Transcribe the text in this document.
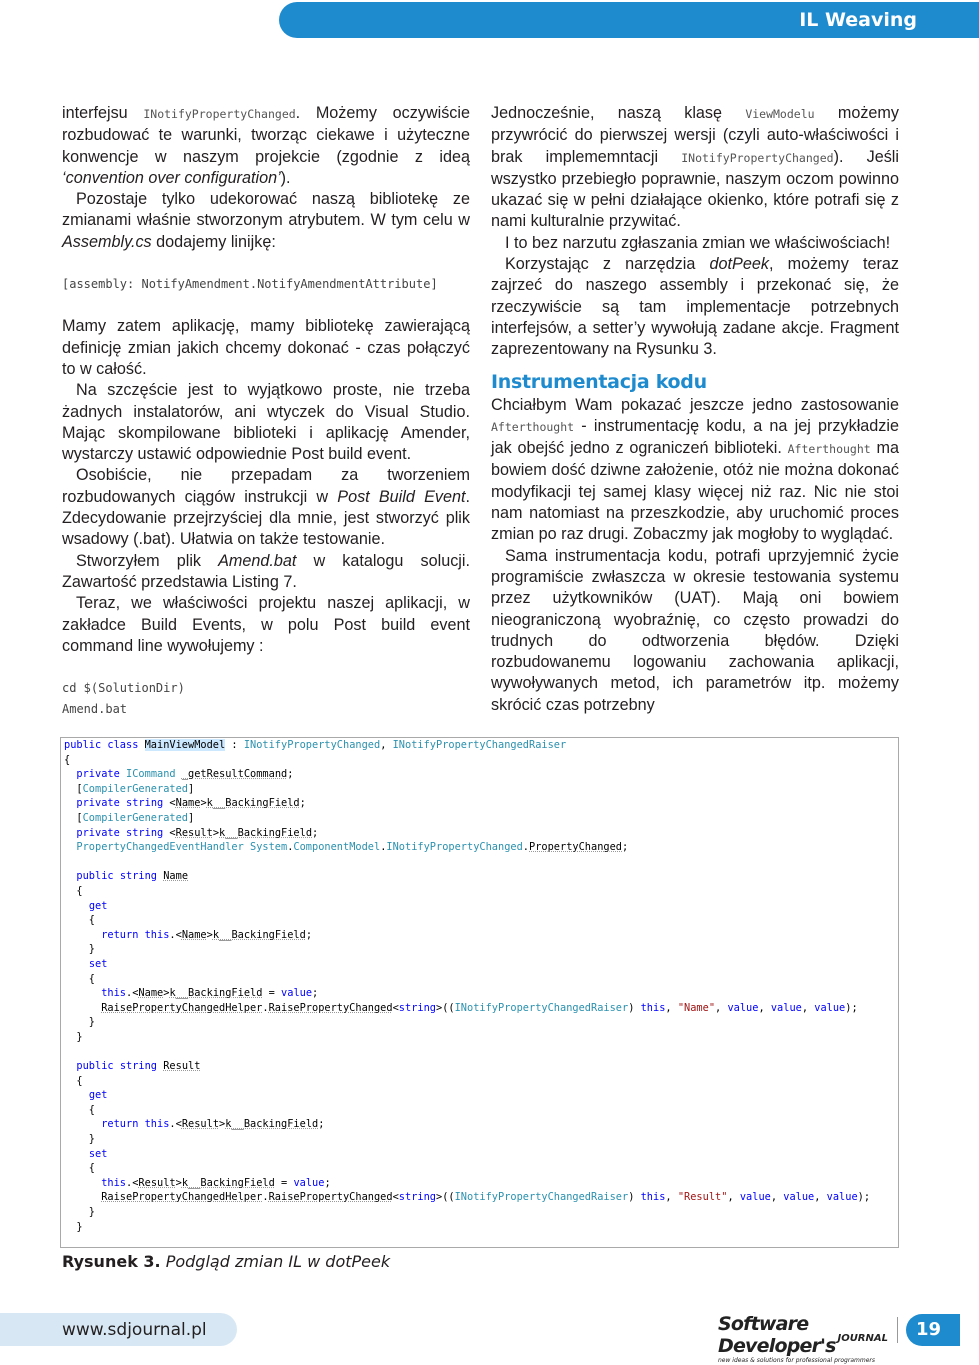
IL Weaving

interfejsu INotifyPropertyChanged. Możemy oczywiście rozbudować te warunki, tworząc ciekawe i użyteczne konwencje w naszym projekcie (zgodnie z ideą ‘convention over configuration’).

Pozostaje tylko udekorować naszą bibliotekę ze zmianami właśnie stworzonym atrybutem. W tym celu w Assembly.cs dodajemy linijkę:

[assembly: NotifyAmendment.NotifyAmendmentAttribute]

Mamy zatem aplikację, mamy bibliotekę zawierającą definicję zmian jakich chcemy dokonać - czas połączyć to w całość.

Na szczęście jest to wyjątkowo proste, nie trzeba żadnych instalatorów, ani wtyczek do Visual Studio. Mając skompilowane biblioteki i aplikację Amender, wystarczy ustawić odpowiednie Post build event.

Osobiście, nie przepadam za tworzeniem rozbudowanych ciągów instrukcji w Post Build Event. Zdecydowanie przejrzyściej dla mnie, jest stworzyć plik wsadowy (.bat). Ułatwia on także testowanie.

Stworzyłem plik Amend.bat w katalogu solucji. Zawartość przedstawia Listing 7.

Teraz, we właściwości projektu naszej aplikacji, w zakładce Build Events, w polu Post build event command line wywołujemy :

cd $(SolutionDir)
Amend.bat

Jednocześnie, naszą klasę ViewModelu możemy przywrócić do pierwszej wersji (czyli auto-właściwości i brak implememntacji INotifyPropertyChanged). Jeśli wszystko przebiegło poprawnie, naszym oczom powinno ukazać się w pełni działające okienko, które potrafi się z nami kulturalnie przywitać.

I to bez narzutu zgłaszania zmian we właściwościach!

Korzystając z narzędzia dotPeek, możemy teraz zajrzeć do naszego assembly i przekonać się, że rzeczywiście są tam implementacje potrzebnych interfejsów, a setter’y wywołują zadane akcje. Fragment zaprezentowany na Rysunku 3.

Instrumentacja kodu

Chciałbym Wam pokazać jeszcze jedno zastosowanie Afterthought - instrumentację kodu, a na jej przykładzie jak obejść jedno z ograniczeń biblioteki. Afterthought ma bowiem dość dziwne założenie, otóż nie można dokonać modyfikacji tej samej klasy więcej niż raz. Nic nie stoi nam natomiast na przeszkodzie, aby uruchomić proces zmian po raz drugi. Zobaczmy jak mogłoby to wyglądać.

Sama instrumentacja kodu, potrafi uprzyjemnić życie programiście zwłaszcza w okresie testowania systemu przez użytkowników (UAT). Mają oni bowiem nieograniczoną wyobraźnię, co często prowadzi do trudnych do odtworzenia błędów. Dzięki rozbudowanemu logowaniu zachowania aplikacji, wywoływanych metod, ich parametrów itp. możemy skrócić czas potrzebny

public class MainViewModel : INotifyPropertyChanged, INotifyPropertyChangedRaiser
{
private ICommand _getResultCommand;
[CompilerGenerated]
private string <Name>k__BackingField;
[CompilerGenerated]
private string <Result>k__BackingField;
PropertyChangedEventHandler System.ComponentModel.INotifyPropertyChanged.PropertyChanged;
public string Name
{
get
{
return this.<Name>k__BackingField;
}
set
{
this.<Name>k__BackingField = value;
RaisePropertyChangedHelper.RaisePropertyChanged<string>((INotifyPropertyChangedRaiser) this, "Name", value, value, value);
}
}
public string Result
{
get
{
return this.<Result>k__BackingField;
}
set
{
this.<Result>k__BackingField = value;
RaisePropertyChangedHelper.RaisePropertyChanged<string>((INotifyPropertyChangedRaiser) this, "Result", value, value, value);
}
}
Rysunek 3. Podgląd zmian IL w dotPeek
www.sdjournal.pl	Software Developer's
new ideas & solutions for professional programmers
JOURNAL	19
